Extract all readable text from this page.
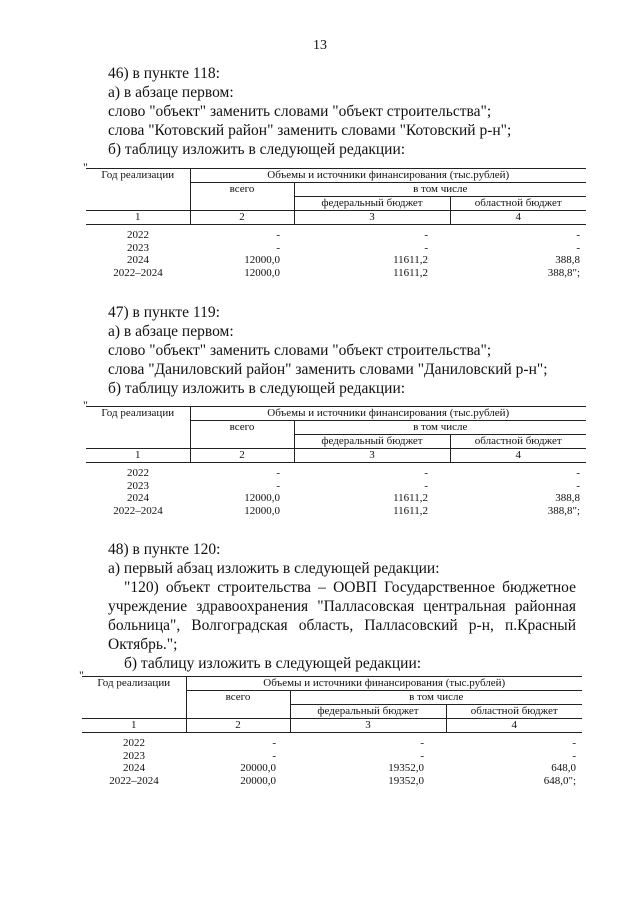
13
46) в пункте 118:
а) в абзаце первом:
слово "объект" заменить словами "объект строительства";
слова "Котовский район" заменить словами "Котовский р-н";
б) таблицу изложить в следующей редакции:
"
Год реализации	Объемы и источники финансирования (тыс.рублей)		
	всего	в том числе	
		федеральный бюджет	областной бюджет
1	2	3	4
2022	-	-	-
2023	-	-	-
2024	12000,0	11611,2	388,8
2022–2024	12000,0	11611,2	388,8";
47) в пункте 119:
а) в абзаце первом:
слово "объект" заменить словами "объект строительства";
слова "Даниловский район" заменить словами "Даниловский р-н";
б) таблицу изложить в следующей редакции:
"
Год реализации	Объемы и источники финансирования (тыс.рублей)		
	всего	в том числе	
		федеральный бюджет	областной бюджет
1	2	3	4
2022	-	-	-
2023	-	-	-
2024	12000,0	11611,2	388,8
2022–2024	12000,0	11611,2	388,8";
48) в пункте 120:
а) первый абзац изложить в следующей редакции:
"120) объект строительства – ООВП Государственное бюджетное
учреждение здравоохранения "Палласовская центральная районная
больница", Волгоградская область, Палласовский р-н, п.Красный
Октябрь.";
б) таблицу изложить в следующей редакции:
"
Год реализации	Объемы и источники финансирования (тыс.рублей)		
	всего	в том числе	
		федеральный бюджет	областной бюджет
1	2	3	4
2022	-	-	-
2023	-	-	-
2024	20000,0	19352,0	648,0
2022–2024	20000,0	19352,0	648,0";
